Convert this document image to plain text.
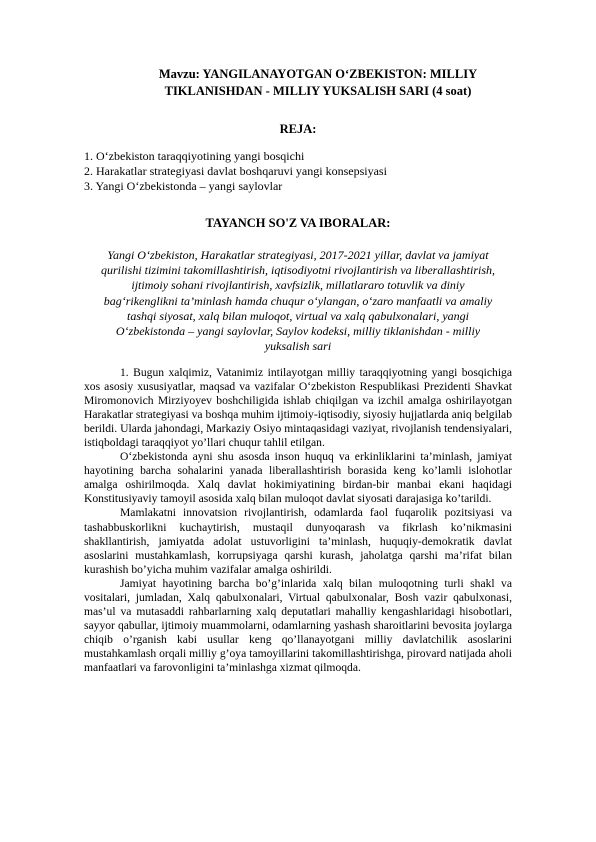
Mavzu: YANGILANAYOTGAN O‘ZBEKISTON: MILLIY
TIKLANISHDAN - MILLIY YUKSALISH SARI (4 soat)
REJA:
1. O‘zbekiston taraqqiyotining yangi bosqichi
2. Harakatlar strategiyasi davlat boshqaruvi yangi konsepsiyasi
3. Yangi O‘zbekistonda – yangi saylovlar
TAYANCH SO'Z VA IBORALAR:
Yangi O‘zbekiston, Harakatlar strategiyasi, 2017-2021 yillar, davlat va jamiyat
qurilishi tizimini takomillashtirish, iqtisodiyotni rivojlantirish va liberallashtirish,
ijtimoiy sohani rivojlantirish, xavfsizlik, millatlararo totuvlik va diniy
bag‘rikenglikni ta’minlash hamda chuqur o‘ylangan, o‘zaro manfaatli va amaliy
tashqi siyosat, xalq bilan muloqot, virtual va xalq qabulxonalari, yangi
O‘zbekistonda – yangi saylovlar, Saylov kodeksi, milliy tiklanishdan - milliy
yuksalish sari

1. Bugun xalqimiz, Vatanimiz intilayotgan milliy taraqqiyotning yangi bosqichiga xos asosiy xususiyatlar, maqsad va vazifalar O‘zbekiston Respublikasi Prezidenti Shavkat Miromonovich Mirziyoyev boshchiligida ishlab chiqilgan va izchil amalga oshirilayotgan Harakatlar strategiyasi va boshqa muhim ijtimoiy-iqtisodiy, siyosiy hujjatlarda aniq belgilab berildi. Ularda jahondagi, Markaziy Osiyo mintaqasidagi vaziyat, rivojlanish tendensiyalari, istiqboldagi taraqqiyot yo’llari chuqur tahlil etilgan.

O‘zbekistonda ayni shu asosda inson huquq va erkinliklarini ta’minlash, jamiyat hayotining barcha sohalarini yanada liberallashtirish borasida keng ko’lamli islohotlar amalga oshirilmoqda. Xalq davlat hokimiyatining birdan-bir manbai ekani haqidagi Konstitusiyaviy tamoyil asosida xalq bilan muloqot davlat siyosati darajasiga ko’tarildi.

Mamlakatni innovatsion rivojlantirish, odamlarda faol fuqarolik pozitsiyasi va tashabbuskorlikni kuchaytirish, mustaqil dunyoqarash va fikrlash ko’nikmasini shakllantirish, jamiyatda adolat ustuvorligini ta’minlash, huquqiy-demokratik davlat asoslarini mustahkamlash, korrupsiyaga qarshi kurash, jaholatga qarshi ma’rifat bilan kurashish bo’yicha muhim vazifalar amalga oshirildi.

Jamiyat hayotining barcha bo’g’inlarida xalq bilan muloqotning turli shakl va vositalari, jumladan, Xalq qabulxonalari, Virtual qabulxonalar, Bosh vazir qabulxonasi, mas’ul va mutasaddi rahbarlarning xalq deputatlari mahalliy kengashlaridagi hisobotlari, sayyor qabullar, ijtimoiy muammolarni, odamlarning yashash sharoitlarini bevosita joylarga chiqib o’rganish kabi usullar keng qo’llanayotgani milliy davlatchilik asoslarini mustahkamlash orqali milliy g’oya tamoyillarini takomillashtirishga, pirovard natijada aholi manfaatlari va farovonligini ta’minlashga xizmat qilmoqda.
